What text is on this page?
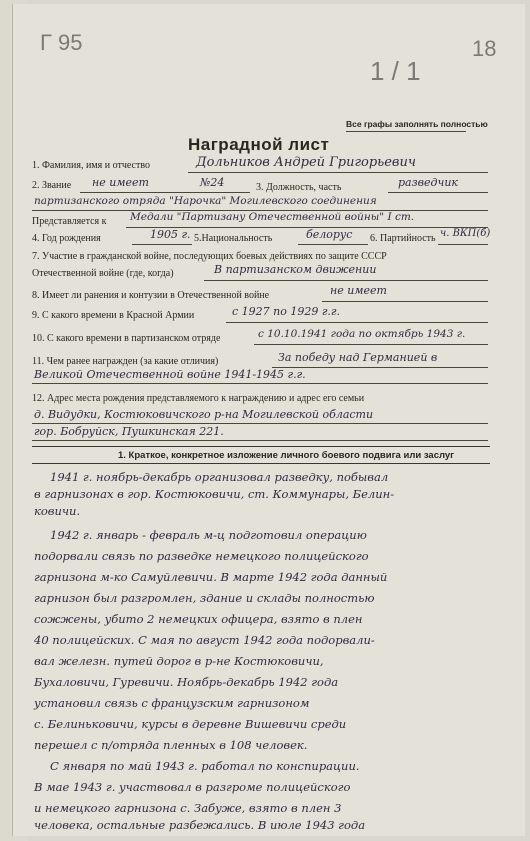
Г 95	18
1 / 1
Все графы заполнять полностью
Наградной лист
1. Фамилия, имя и отчество	Дольников Андрей Григорьевич
2. Звание не имеет	№24	3. Должность, часть	разведчик
партизанского отряда "Нарочка" Могилевского соединения
Представляется к Медали "Партизану Отечественной войны" I ст.
4. Год рождения	1905 г. 5.Национальность	белорус 6. Партийность ч. ВКП(б)
7. Участие в гражданской войне, последующих боевых действиях по защите СССР
Отечественной войне (где, когда)	В партизанском движении
8. Имеет ли ранения и контузии в Отечественной войне	не имеет
9. С какого времени в Красной Армии	с 1927 по 1929 г.г.
10. С какого времени в партизанском отряде	с 10.10.1941 года по октябрь 1943 г.
11. Чем ранее награжден (за какие отличия)	За победу над Германией в
Великой Отечественной войне 1941-1945 г.г.
12. Адрес места рождения представляемого к награждению и адрес его семьи
д. Видудки, Костюковичского р-на Могилевской области
гор. Бобруйск, Пушкинская 221.
1. Краткое, конкретное изложение личного боевого подвига или заслуг
1941 г. ноябрь-декабрь организовал разведку, побывал
в гарнизонах в гор. Костюковичи, ст. Коммунары, Белин-
ковичи.
1942 г. январь - февраль м-ц подготовил операцию
подорвали связь по разведке немецкого полицейского
гарнизона м-ко Самуйлевичи. В марте 1942 года данный
гарнизон был разгромлен, здание и склады полностью
сожжены, убито 2 немецких офицера, взято в плен
40 полицейских. С мая по август 1942 года подорвали-
вал железн. путей дорог в р-не Костюковичи,
Бухаловичи, Гуревичи. Ноябрь-декабрь 1942 года
установил связь с французским гарнизоном
с. Белиньковичи, курсы в деревне Вишевичи среди
перешел с п/отряда пленных в 108 человек.
С января по май 1943 г. работал по конспирации.
В мае 1943 г. участвовал в разгроме полицейского
и немецкого гарнизона с. Забуже, взято в плен 3
человека, остальные разбежались. В июле 1943 года
